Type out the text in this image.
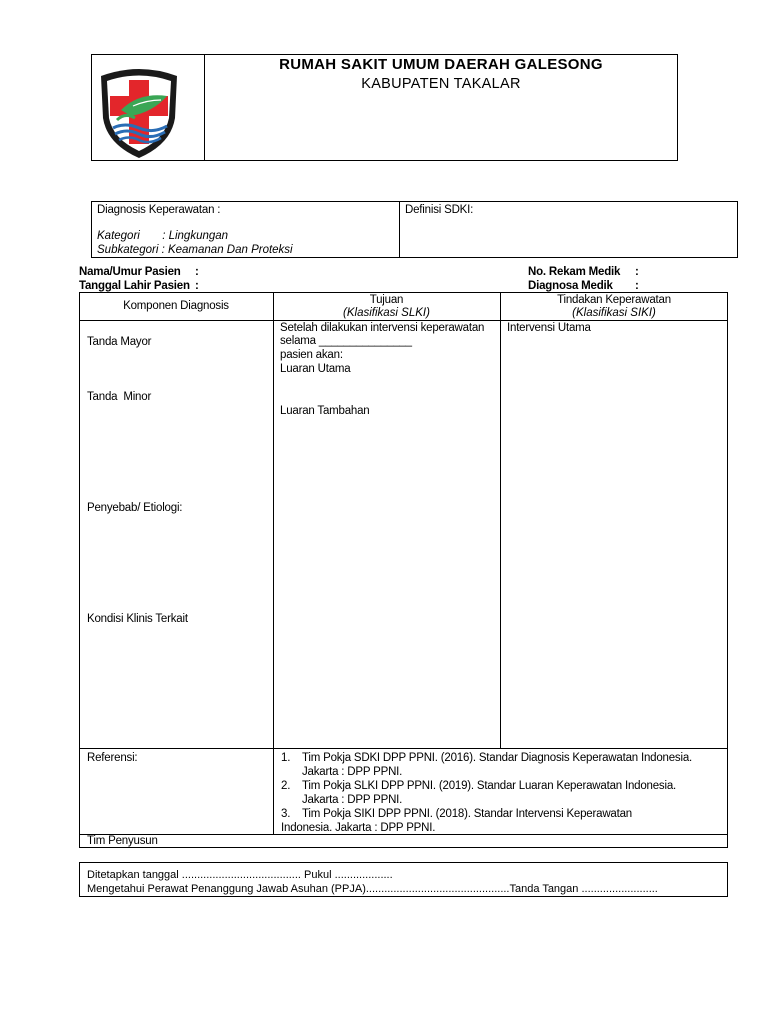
RUMAH SAKIT UMUM DAERAH GALESONG
KABUPATEN TAKALAR
Diagnosis Keperawatan :
Kategori       : Lingkungan
Subkategori : Keamanan Dan Proteksi
Definisi SDKI:
Nama/Umur Pasien :
Tanggal Lahir Pasien :
No. Rekam Medik :
Diagnosa Medik :
Komponen Diagnosis	Tujuan
(Klasifikasi SLKI)
Tindakan Keperawatan
(Klasifikasi SIKI)
Tanda Mayor
Tanda  Minor
Penyebab/ Etiologi:
Kondisi Klinis Terkait
Setelah dilakukan intervensi keperawatan
selama _______________
pasien akan:
Luaran Utama
Luaran Tambahan
Intervensi Utama
Referensi:	1. Tim Pokja SDKI DPP PPNI. (2016). Standar Diagnosis Keperawatan Indonesia.
Jakarta : DPP PPNI.
2. Tim Pokja SLKI DPP PPNI. (2019). Standar Luaran Keperawatan Indonesia.
Jakarta : DPP PPNI.
3. Tim Pokja SIKI DPP PPNI. (2018). Standar Intervensi Keperawatan
Indonesia. Jakarta : DPP PPNI.
Tim Penyusun
Ditetapkan tanggal ....................................... Pukul ...................
Mengetahui Perawat Penanggung Jawab Asuhan (PPJA)...............................................Tanda Tangan .........................
